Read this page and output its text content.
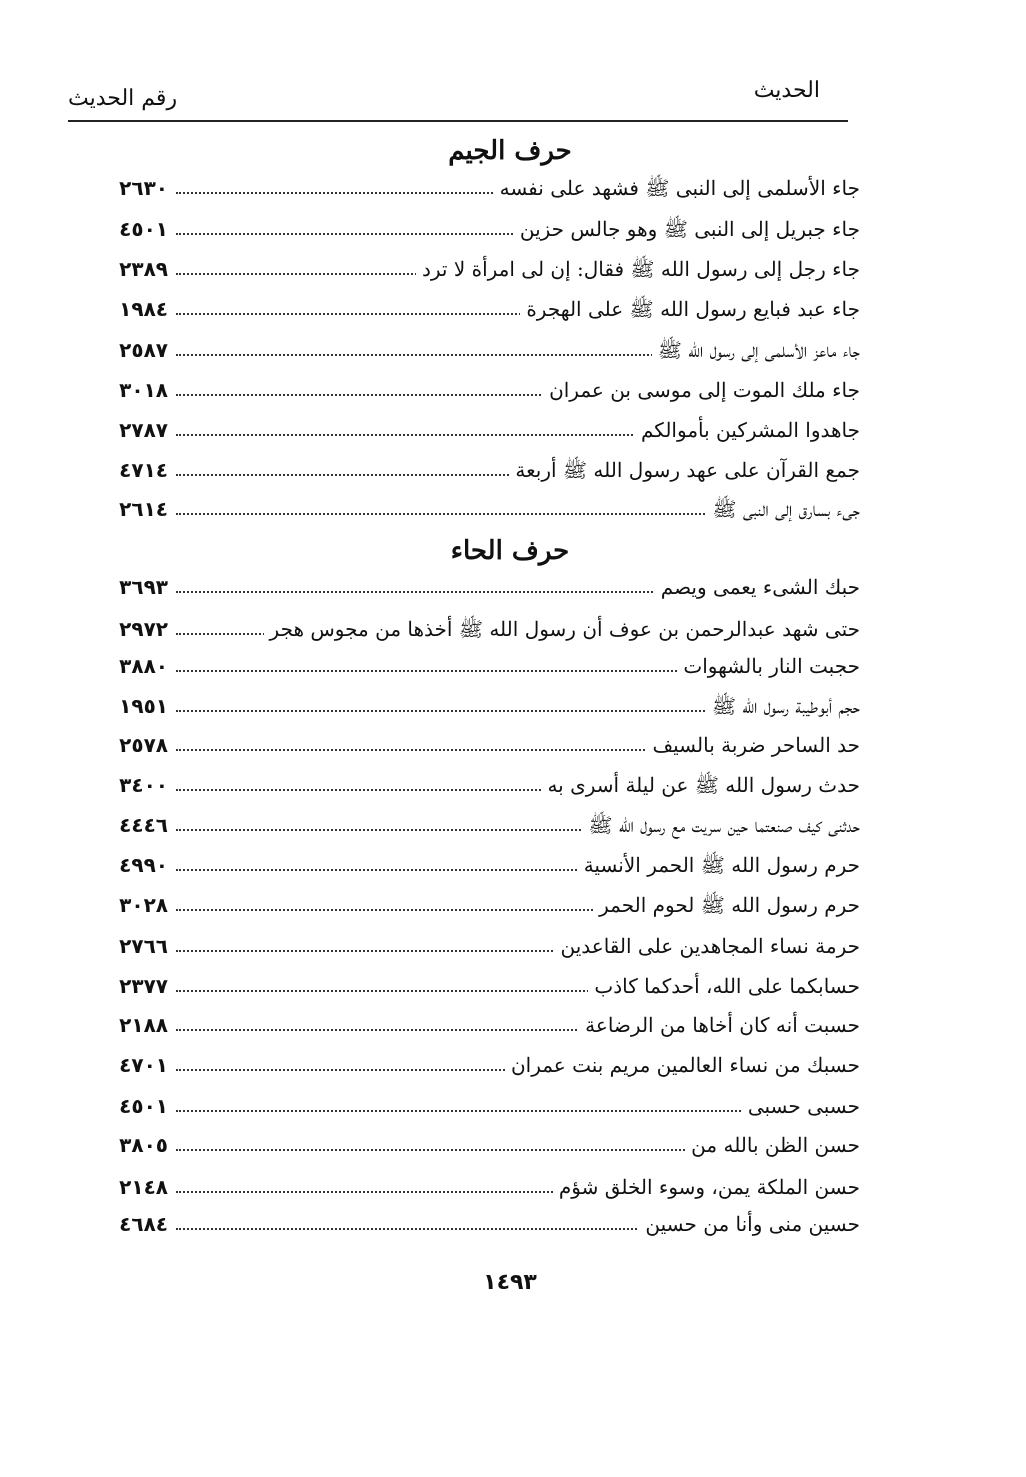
الحديث
رقم الحديث
حرف الجيم
٢٦٣٠	جاء الأسلمى إلى النبى ﷺ فشهد على نفسه
٤٥٠١	جاء جبريل إلى النبى ﷺ وهو جالس حزين
٢٣٨٩	جاء رجل إلى رسول الله ﷺ فقال: إن لى امرأة لا ترد
١٩٨٤	جاء عبد فبايع رسول الله ﷺ على الهجرة
٢٥٨٧	جاء ماعز الأسلمى إلى رسول الله ﷺ
٣٠١٨	جاء ملك الموت إلى موسى بن عمران
٢٧٨٧	جاهدوا المشركين بأموالكم
٤٧١٤	جمع القرآن على عهد رسول الله ﷺ أربعة
٢٦١٤	جىء بسارق إلى النبى ﷺ
حرف الحاء
٣٦٩٣	حبك الشىء يعمى ويصم
٢٩٧٢	حتى شهد عبدالرحمن بن عوف أن رسول الله ﷺ أخذها من مجوس هجر
٣٨٨٠	حجبت النار بالشهوات
١٩٥١	حجم أبوطيبة رسول الله ﷺ
٢٥٧٨	حد الساحر ضربة بالسيف
٣٤٠٠	حدث رسول الله ﷺ عن ليلة أسرى به
٤٤٤٦	حدثنى كيف صنعتما حين سريت مع رسول الله ﷺ
٤٩٩٠	حرم رسول الله ﷺ الحمر الأنسية
٣٠٢٨	حرم رسول الله ﷺ لحوم الحمر
٢٧٦٦	حرمة نساء المجاهدين على القاعدين
٢٣٧٧	حسابكما على الله، أحدكما كاذب
٢١٨٨	حسبت أنه كان أخاها من الرضاعة
٤٧٠١	حسبك من نساء العالمين مريم بنت عمران
٤٥٠١	حسبى حسبى
٣٨٠٥	حسن الظن بالله من
٢١٤٨	حسن الملكة يمن، وسوء الخلق شؤم
٤٦٨٤	حسين منى وأنا من حسين
١٤٩٣
